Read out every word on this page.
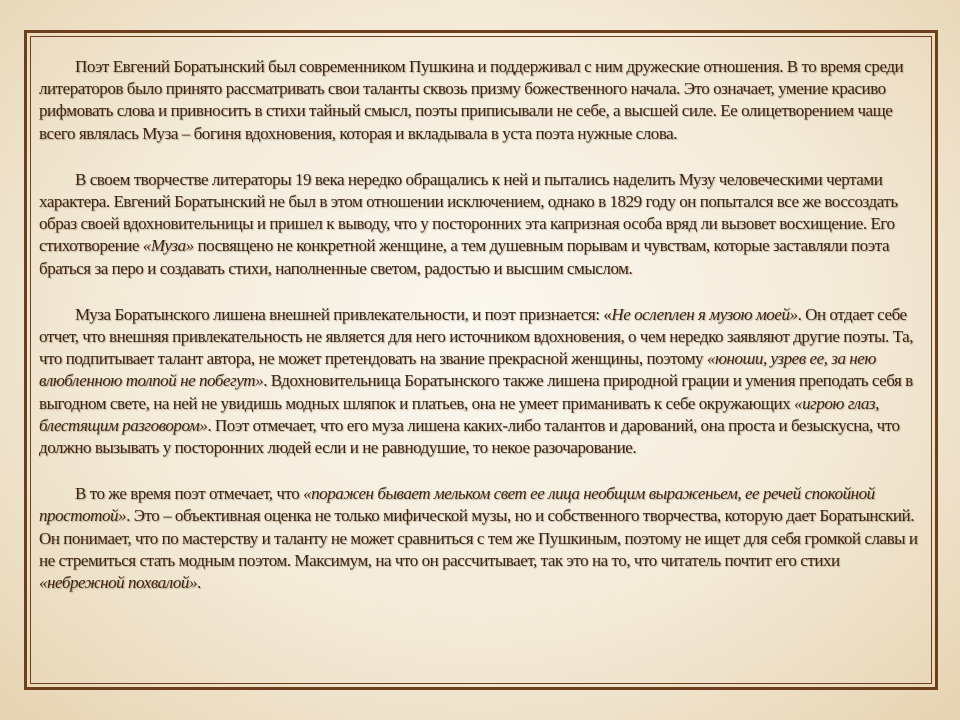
Поэт Евгений Боратынский был современником Пушкина и поддерживал с ним дружеские отношения. В то время среди литераторов было принято рассматривать свои таланты сквозь призму божественного начала. Это означает, умение красиво рифмовать слова и привносить в стихи тайный смысл, поэты приписывали не себе, а высшей силе. Ее олицетворением чаще всего являлась Муза – богиня вдохновения, которая и вкладывала в уста поэта нужные слова.

В своем творчестве литераторы 19 века нередко обращались к ней и пытались наделить Музу человеческими чертами характера. Евгений Боратынский не был в этом отношении исключением, однако в 1829 году он попытался все же воссоздать образ своей вдохновительницы и пришел к выводу, что у посторонних эта капризная особа вряд ли вызовет восхищение. Его стихотворение «Муза» посвящено не конкретной женщине, а тем душевным порывам и чувствам, которые заставляли поэта браться за перо и создавать стихи, наполненные светом, радостью и высшим смыслом.

Муза Боратынского лишена внешней привлекательности, и поэт признается: «Не ослеплен я музою моей». Он отдает себе отчет, что внешняя привлекательность не является для него источником вдохновения, о чем нередко заявляют другие поэты. Та, что подпитывает талант автора, не может претендовать на звание прекрасной женщины, поэтому «юноши, узрев ее, за нею влюбленною толпой не побегут». Вдохновительница Боратынского также лишена природной грации и умения преподать себя в выгодном свете, на ней не увидишь модных шляпок и платьев, она не умеет приманивать к себе окружающих «игрою глаз, блестящим разговором». Поэт отмечает, что его муза лишена каких-либо талантов и дарований, она проста и безыскусна, что должно вызывать у посторонних людей если и не равнодушие, то некое разочарование.

В то же время поэт отмечает, что «поражен бывает мельком свет ее лица необщим выраженьем, ее речей спокойной простотой». Это – объективная оценка не только мифической музы, но и собственного творчества, которую дает Боратынский. Он понимает, что по мастерству и таланту не может сравниться с тем же Пушкиным, поэтому не ищет для себя громкой славы и не стремиться стать модным поэтом. Максимум, на что он рассчитывает, так это на то, что читатель почтит его стихи «небрежной похвалой».
